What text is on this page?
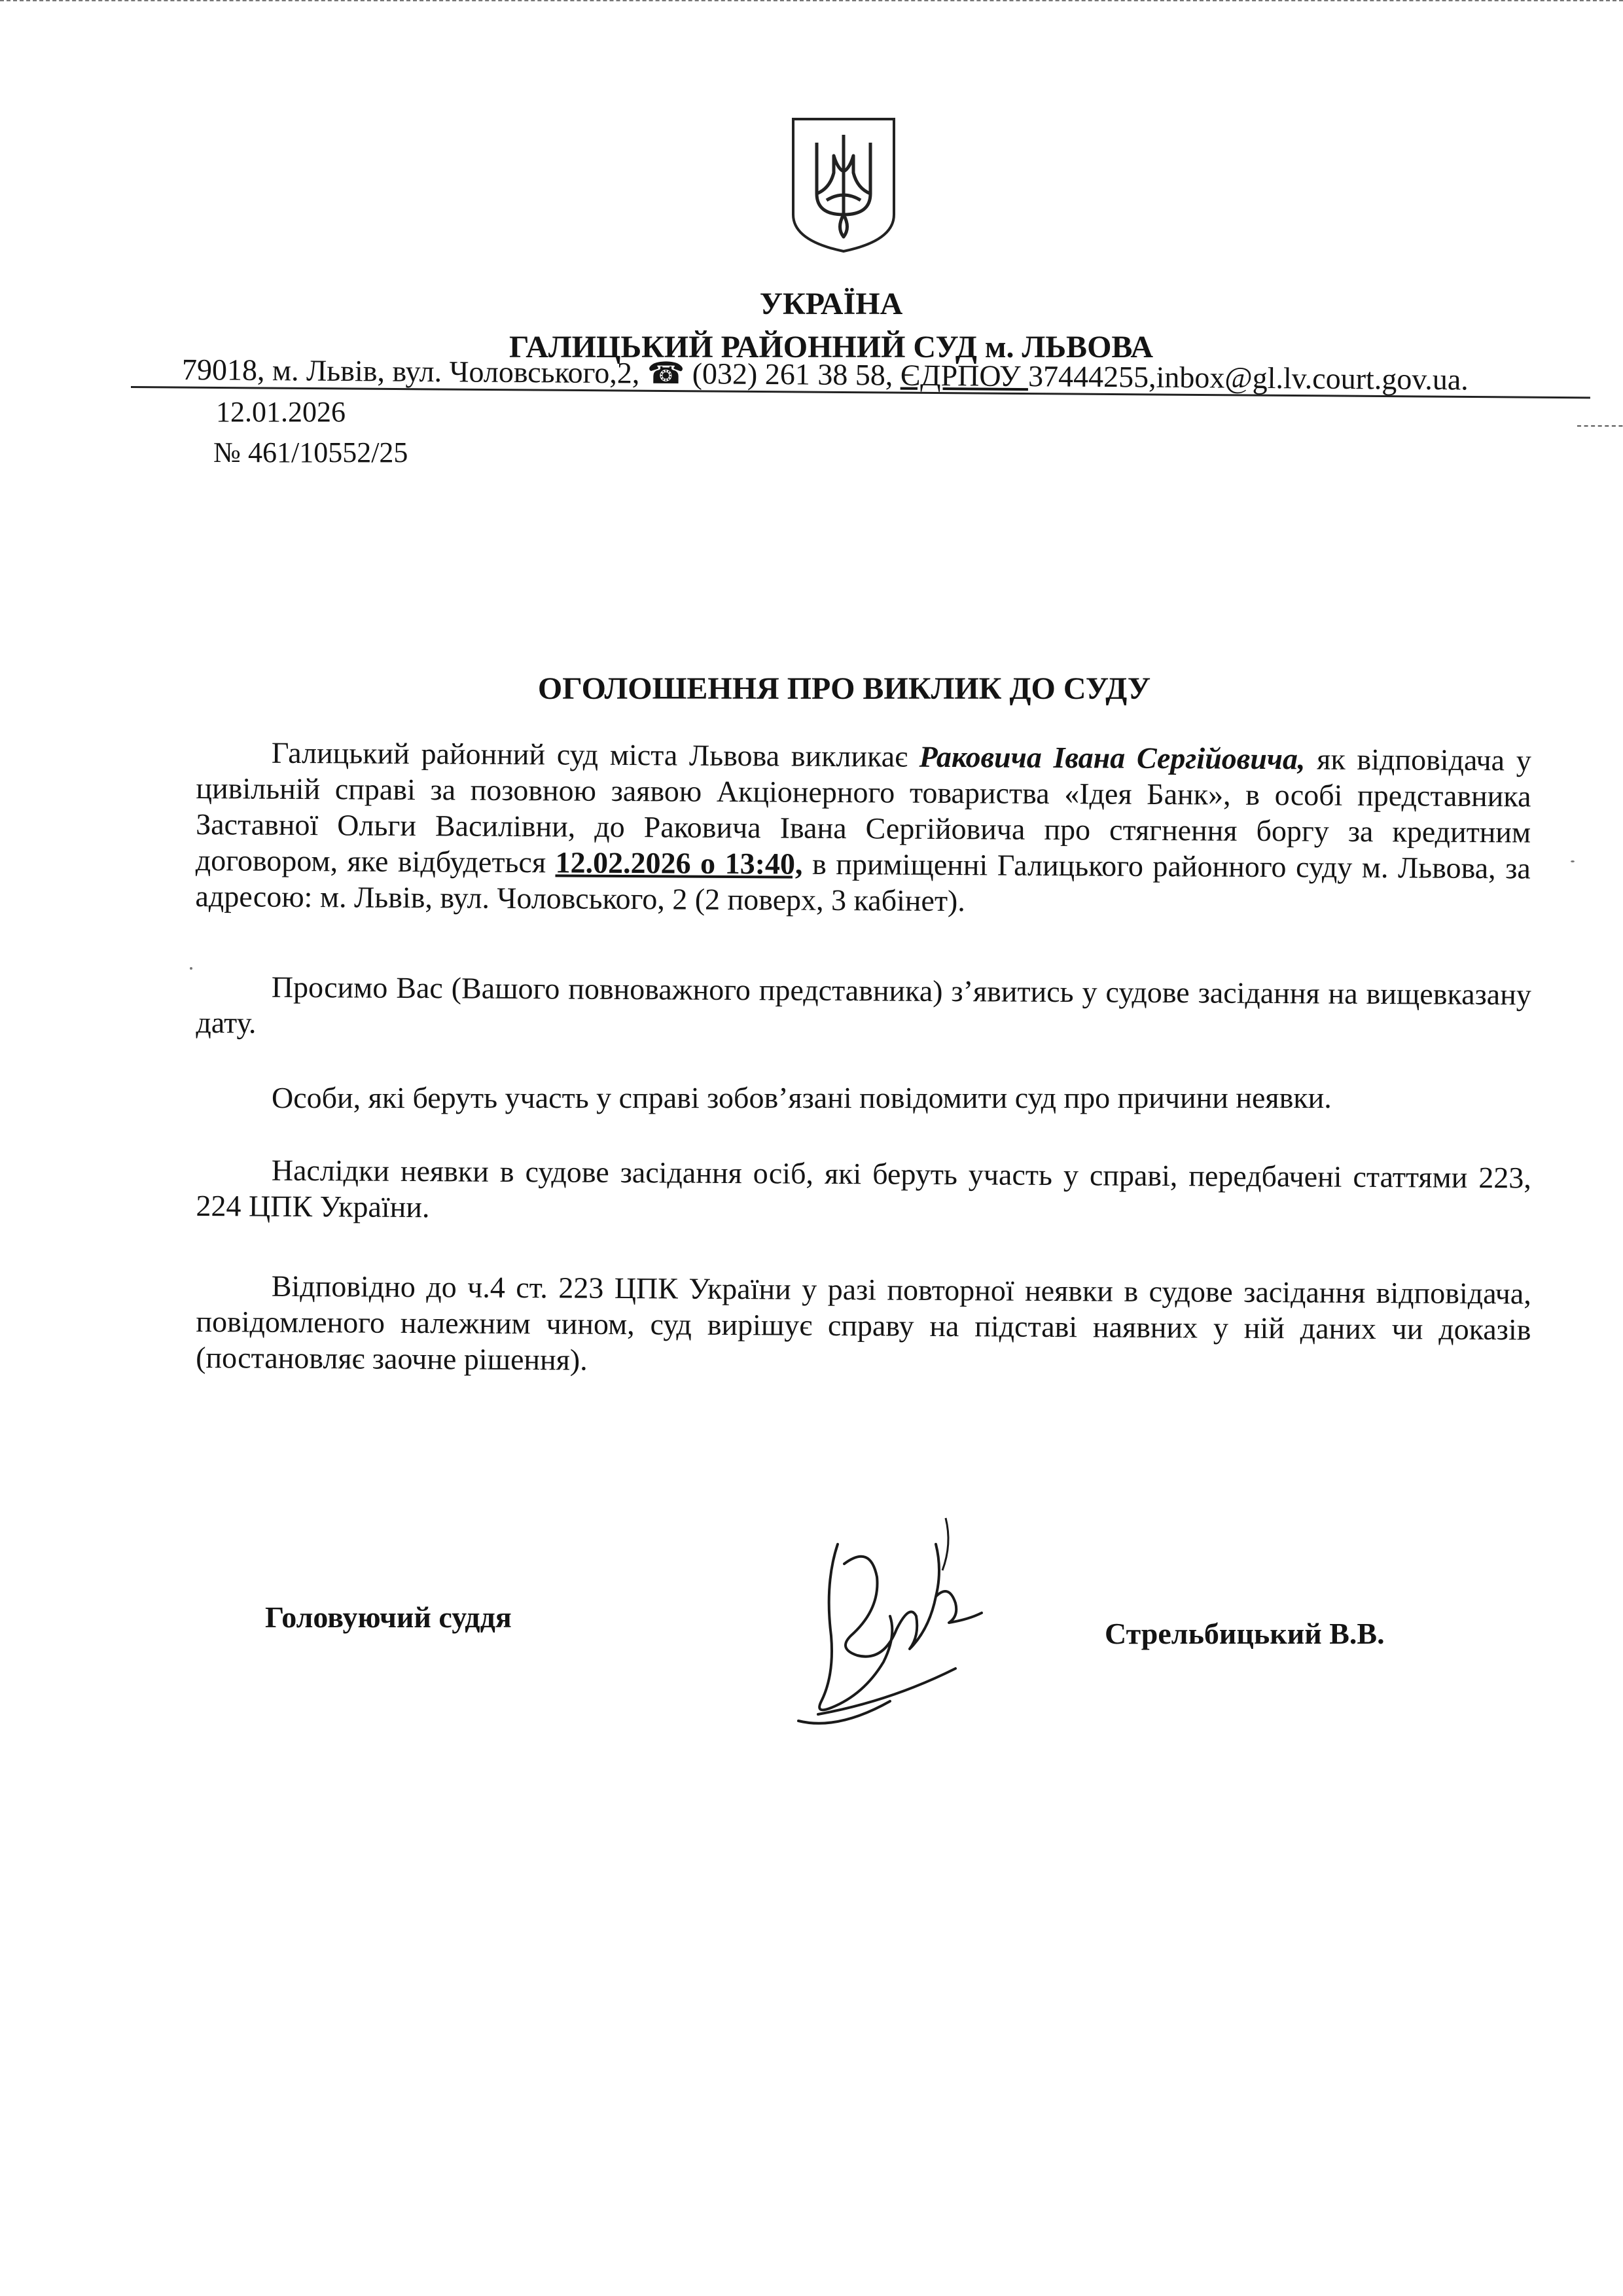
УКРАЇНА
ГАЛИЦЬКИЙ РАЙОННИЙ СУД м. ЛЬВОВА
79018, м. Львів, вул. Чоловського,2, ☎ (032) 261 38 58, ЄДРПОУ 37444255,inbox@gl.lv.court.gov.ua.
12.01.2026
№ 461/10552/25
ОГОЛОШЕННЯ ПРО ВИКЛИК ДО СУДУ
Галицький районний суд міста Львова викликає Раковича Івана Сергійовича, як відповідача у цивільній справі за позовною заявою Акціонерного товариства «Ідея Банк», в особі представника Заставної Ольги Василівни, до Раковича Івана Сергійовича про стягнення боргу за кредитним договором, яке відбудеться 12.02.2026 о 13:40, в приміщенні Галицького районного суду м. Львова, за адресою: м. Львів, вул. Чоловського, 2 (2 поверх, 3 кабінет).
Просимо Вас (Вашого повноважного представника) з’явитись у судове засідання на вищевказану дату.
Особи, які беруть участь у справі зобов’язані повідомити суд про причини неявки.
Наслідки неявки в судове засідання осіб, які беруть участь у справі, передбачені статтями 223, 224 ЦПК України.
Відповідно до ч.4 ст. 223 ЦПК України у разі повторної неявки в судове засідання відповідача, повідомленого належним чином, суд вирішує справу на підставі наявних у ній даних чи доказів (постановляє заочне рішення).
Головуючий суддя	Стрельбицький В.В.
